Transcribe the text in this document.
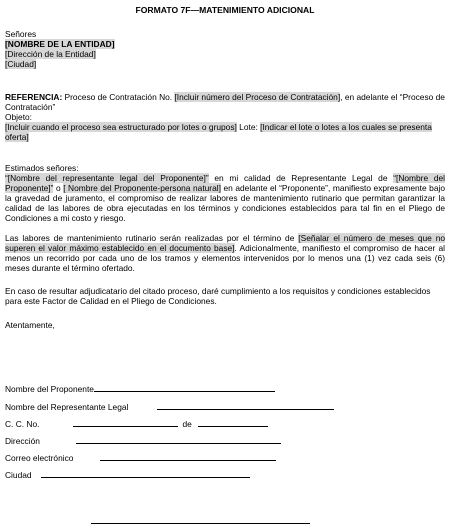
FORMATO 7F—MATENIMIENTO ADICIONAL
Señores
[NOMBRE DE LA ENTIDAD]
[Dirección de la Entidad]
[Ciudad]

REFERENCIA: Proceso de Contratación No. [Incluir número del Proceso de Contratación], en adelante el “Proceso de Contratación”

Objeto:

[Incluir cuando el proceso sea estructurado por lotes o grupos] Lote: [Indicar el lote o lotes a los cuales se presenta oferta]

Estimados señores:

“[Nombre del representante legal del Proponente]” en mi calidad de Representante Legal de “[Nombre del Proponente]” o [ Nombre del Proponente-persona natural] en adelante el “Proponente”, manifiesto expresamente bajo la gravedad de juramento, el compromiso de realizar labores de mantenimiento rutinario que permitan garantizar la calidad de las labores de obra ejecutadas en los términos y condiciones establecidos para tal fin en el Pliego de Condiciones a mi costo y riesgo.

Las labores de mantenimiento rutinario serán realizadas por el término de [Señalar el número de meses que no superen el valor máximo establecido en el documento base]. Adicionalmente, manifiesto el compromiso de hacer al menos un recorrido por cada uno de los tramos y elementos intervenidos por lo menos una (1) vez cada seis (6) meses durante el término ofertado.

En caso de resultar adjudicatario del citado proceso, daré cumplimiento a los requisitos y condiciones establecidos para este Factor de Calidad en el Pliego de Condiciones.

Atentamente,

Nombre del Proponente
Nombre del Representante Legal
C. C. No.	de
Dirección
Correo electrónico
Ciudad
